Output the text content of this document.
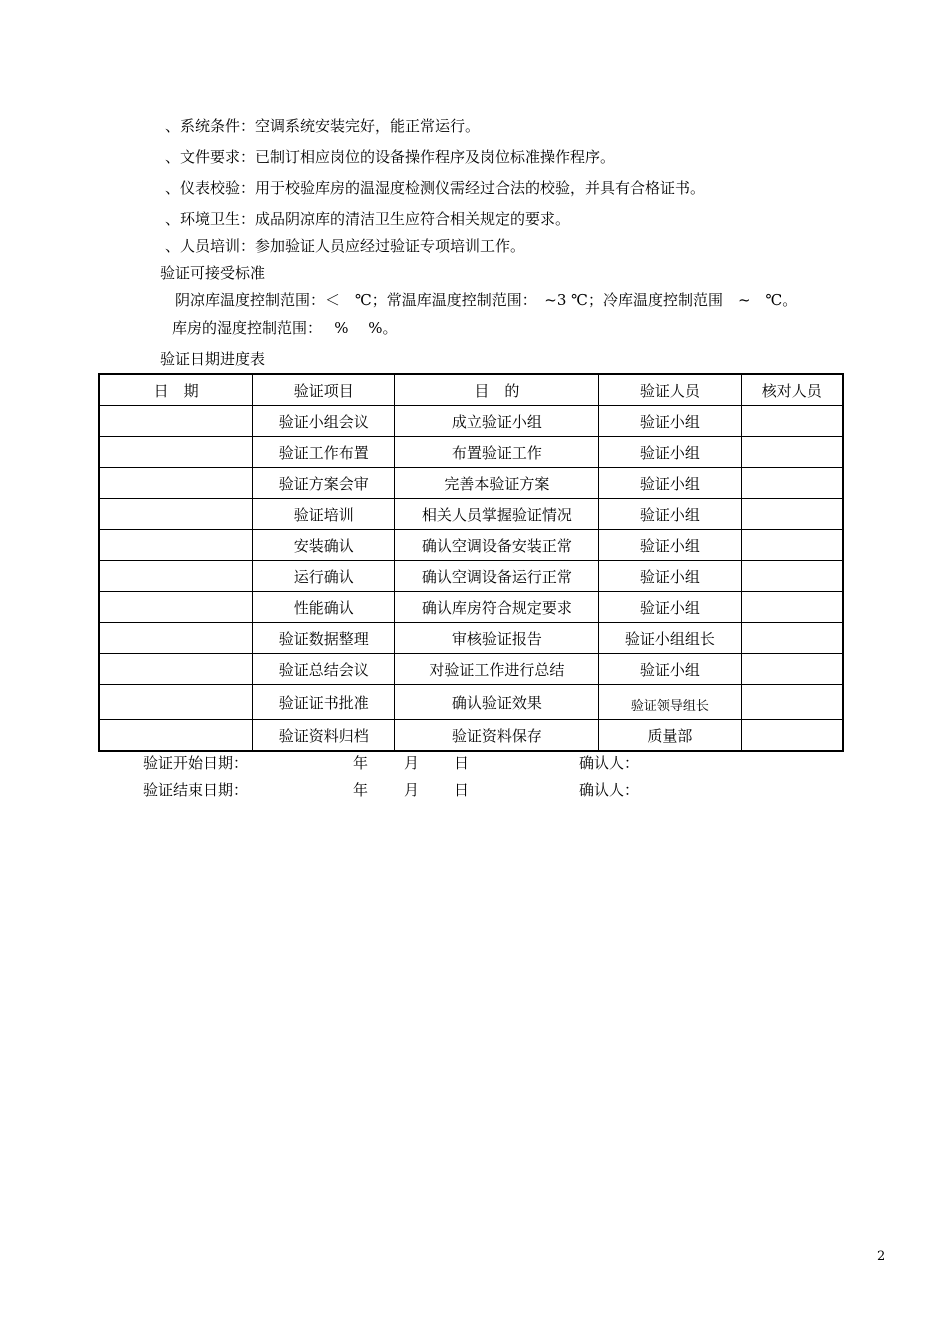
、系统条件：空调系统安装完好，能正常运行。
、文件要求：已制订相应岗位的设备操作程序及岗位标准操作程序。
、仪表校验：用于校验库房的温湿度检测仪需经过合法的校验，并具有合格证书。
、环境卫生：成品阴凉库的清洁卫生应符合相关规定的要求。
、人员培训：参加验证人员应经过验证专项培训工作。
验证可接受标准
阴凉库温度控制范围：＜　℃；常温库温度控制范围：　~3 ℃；冷库温度控制范围　~　℃。
库房的湿度控制范围：　 %　 %。
验证日期进度表
日　期	验证项目	目　的	验证人员	核对人员
	验证小组会议	成立验证小组	验证小组	
	验证工作布置	布置验证工作	验证小组	
	验证方案会审	完善本验证方案	验证小组	
	验证培训	相关人员掌握验证情况	验证小组	
	安装确认	确认空调设备安装正常	验证小组	
	运行确认	确认空调设备运行正常	验证小组	
	性能确认	确认库房符合规定要求	验证小组	
	验证数据整理	审核验证报告	验证小组组长	
	验证总结会议	对验证工作进行总结	验证小组	
	验证证书批准	确认验证效果	验证领导组长	
	验证资料归档	验证资料保存	质量部	
验证开始日期：	年 月 日	确认人：
验证结束日期：	年 月 日	确认人：
2
